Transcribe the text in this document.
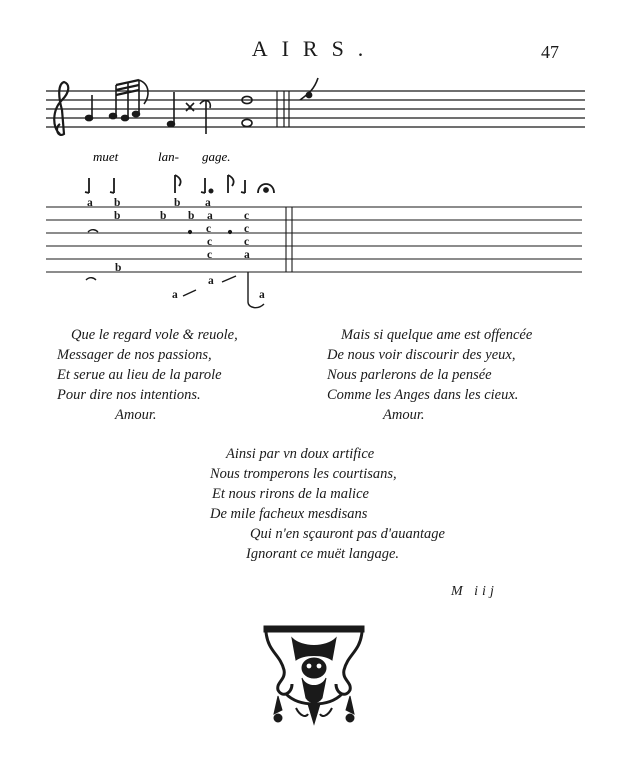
AIRS.	47
muet	lan- gage.
a b	b a
b	b b a	c
c	c
c	c
c	a
b
a
a
a
Que le regard vole & reuole,
Messager de nos passions,
Et serue au lieu de la parole
Pour dire nos intentions.
Amour.
Mais si quelque ame est offencée
De nous voir discourir des yeux,
Nous parlerons de la pensée
Comme les Anges dans les cieux.
Amour.
Ainsi par vn doux artifice
Nous tromperons les courtisans,
Et nous rirons de la malice
De mile facheux mesdisans
Qui n'en sçauront pas d'auantage
Ignorant ce muët langage.
M iij
